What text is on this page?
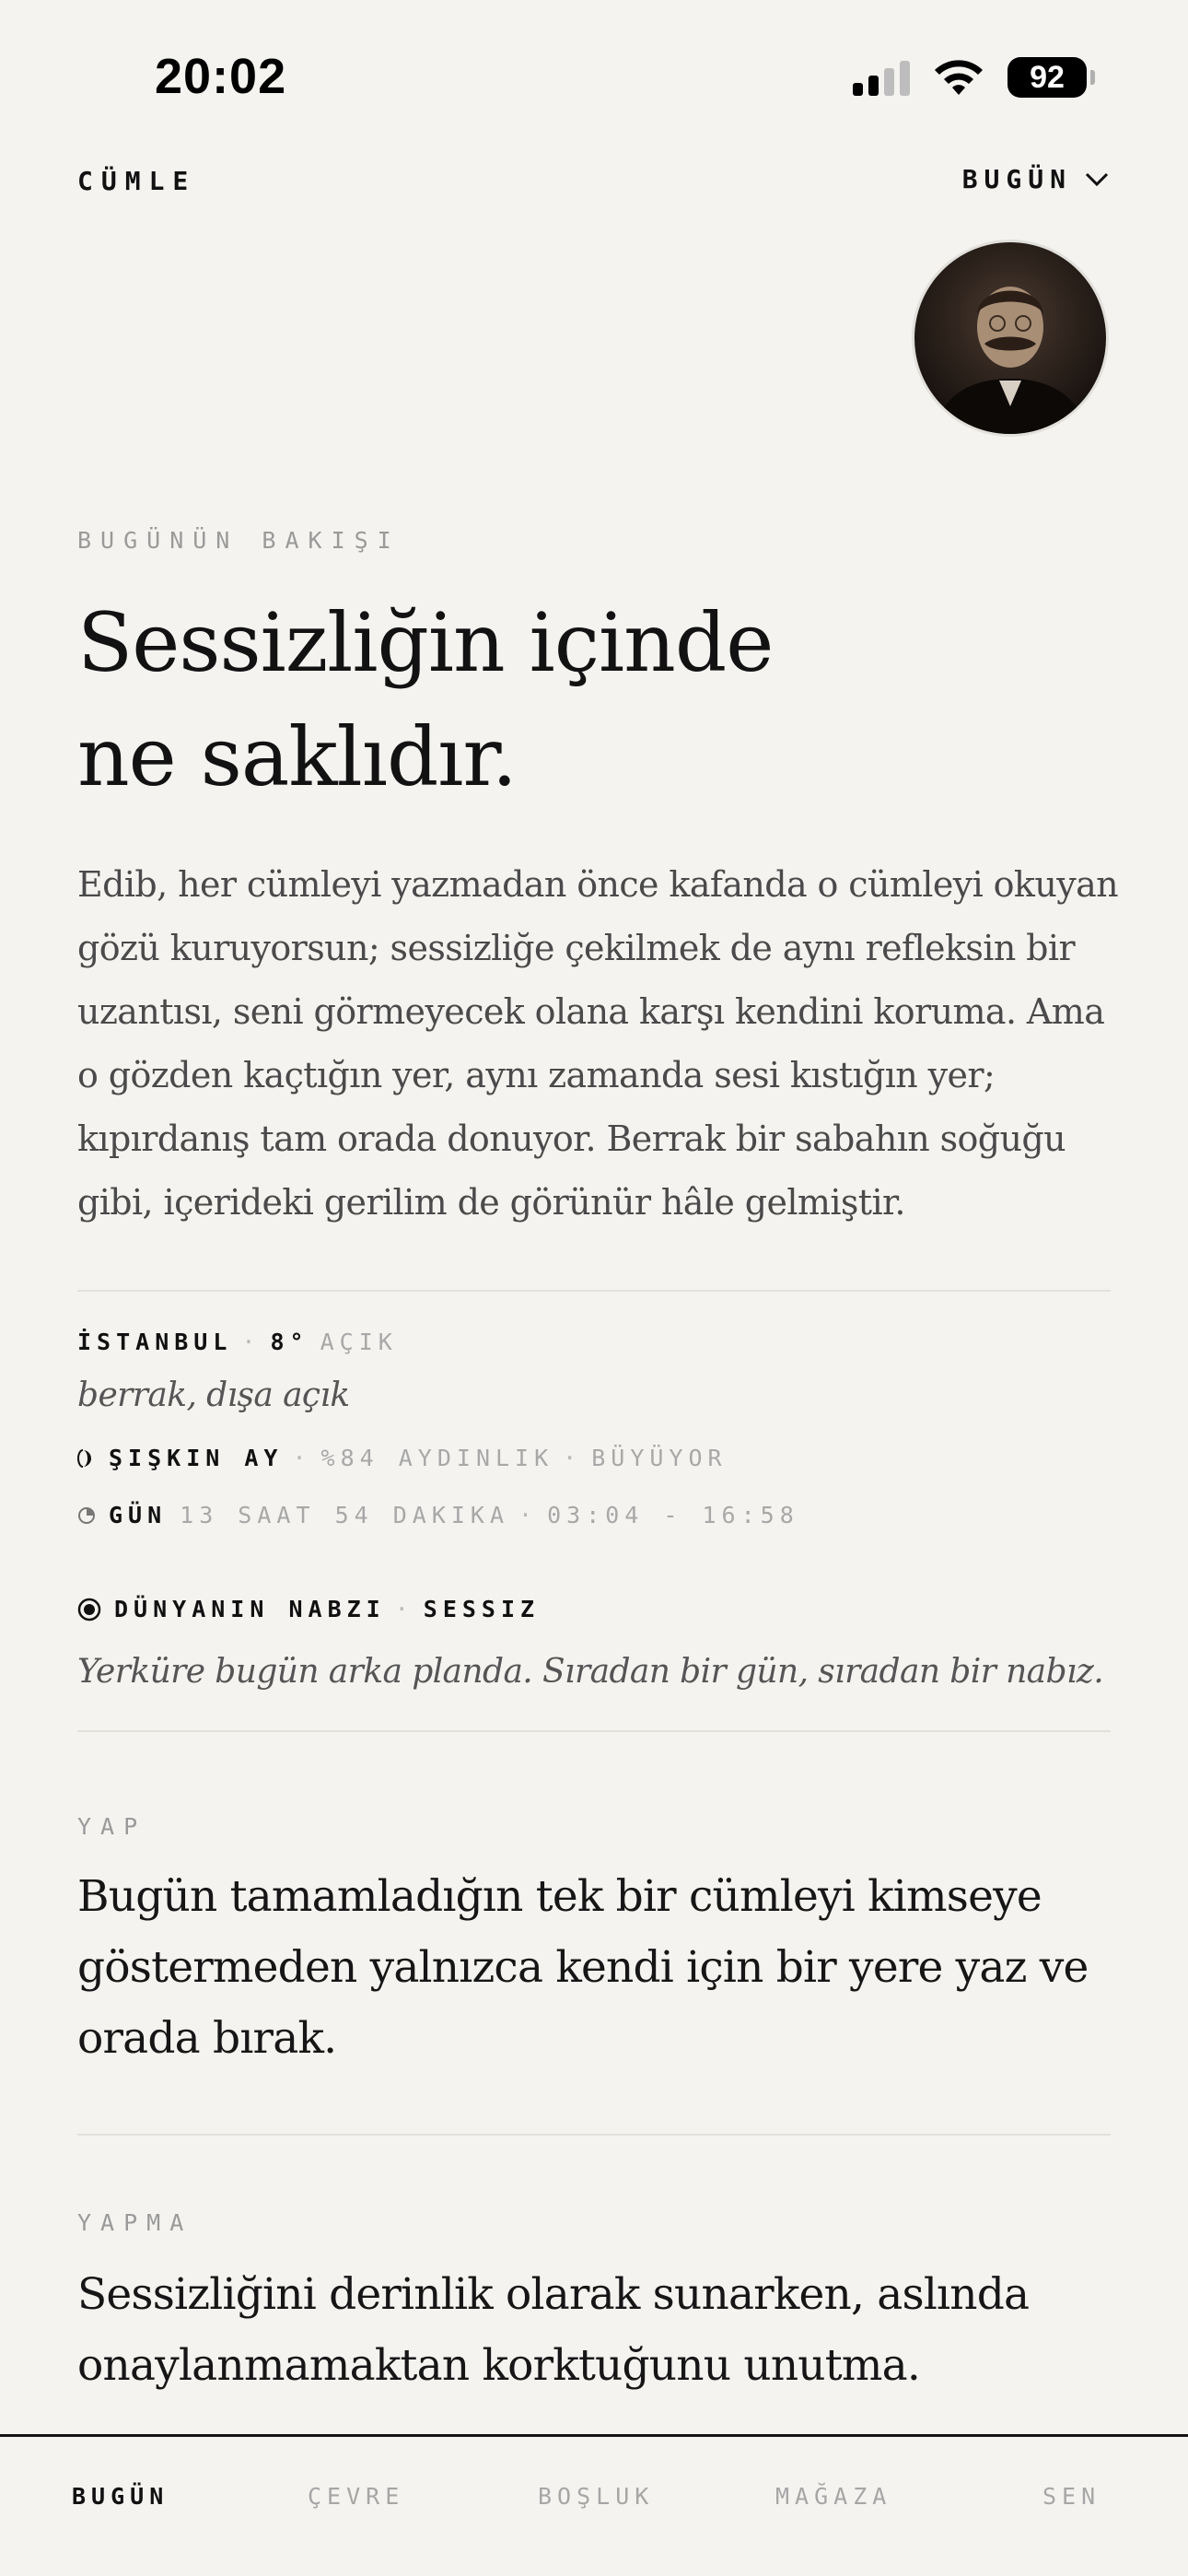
20:02	92
CÜMLE	BUGÜN
BUGÜNÜN BAKIŞI
Sessizliğin içinde
ne saklıdır.

Edib, her cümleyi yazmadan önce kafanda o cümleyi okuyan gözü kuruyorsun; sessizliğe çekilmek de aynı refleksin bir uzantısı, seni görmeyecek olana karşı kendini koruma. Ama o gözden kaçtığın yer, aynı zamanda sesi kıstığın yer; kıpırdanış tam orada donuyor. Berrak bir sabahın soğuğu gibi, içerideki gerilim de görünür hâle gelmiştir.

İSTANBUL · 8° AÇIK

berrak, dışa açık

ŞIŞKIN AY · %84 AYDINLIK · BÜYÜYOR
GÜN 13 SAAT 54 DAKIKA · 03:04 - 16:58
DÜNYANIN NABZI · SESSIZ

Yerküre bugün arka planda. Sıradan bir gün, sıradan bir nabız.

YAP

Bugün tamamladığın tek bir cümleyi kimseye göstermeden yalnızca kendi için bir yere yaz ve orada bırak.

YAPMA

Sessizliğini derinlik olarak sunarken, aslında onaylanmamaktan korktuğunu unutma.

BUGÜN	ÇEVRE	BOŞLUK	MAĞAZA	SEN
